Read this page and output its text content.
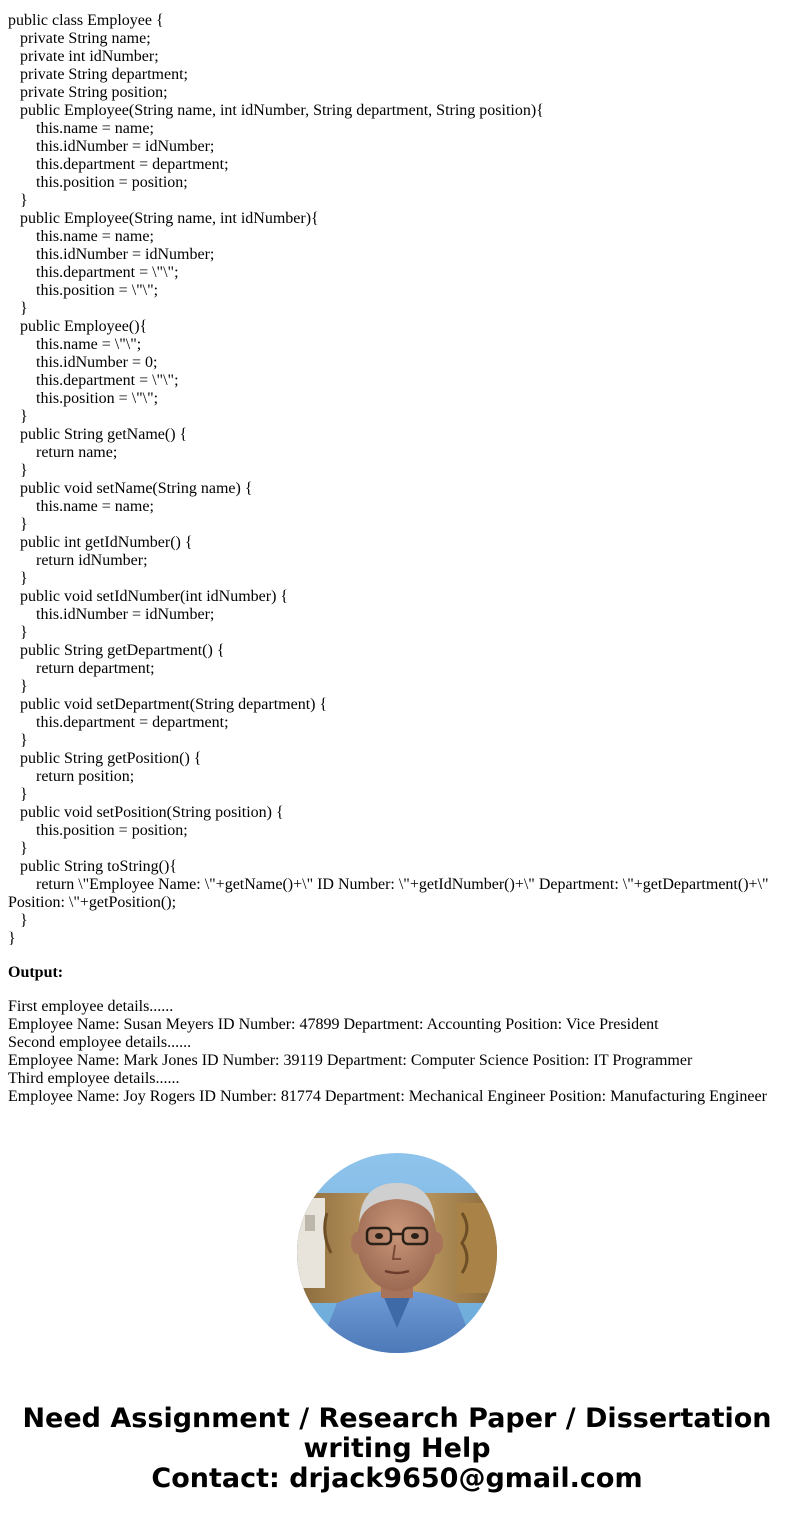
public class Employee {
private String name;
private int idNumber;
private String department;
private String position;
public Employee(String name, int idNumber, String department, String position){
this.name = name;
this.idNumber = idNumber;
this.department = department;
this.position = position;
}
public Employee(String name, int idNumber){
this.name = name;
this.idNumber = idNumber;
this.department = \"\";
this.position = \"\";
}
public Employee(){
this.name = \"\";
this.idNumber = 0;
this.department = \"\";
this.position = \"\";
}
public String getName() {
return name;
}
public void setName(String name) {
this.name = name;
}
public int getIdNumber() {
return idNumber;
}
public void setIdNumber(int idNumber) {
this.idNumber = idNumber;
}
public String getDepartment() {
return department;
}
public void setDepartment(String department) {
this.department = department;
}
public String getPosition() {
return position;
}
public void setPosition(String position) {
this.position = position;
}
public String toString(){
return \"Employee Name: \"+getName()+\" ID Number: \"+getIdNumber()+\" Department: \"+getDepartment()+\" Position: \"+getPosition();
}
}
Output:
First employee details......
Employee Name: Susan Meyers ID Number: 47899 Department: Accounting Position: Vice President
Second employee details......
Employee Name: Mark Jones ID Number: 39119 Department: Computer Science Position: IT Programmer
Third employee details......
Employee Name: Joy Rogers ID Number: 81774 Department: Mechanical Engineer Position: Manufacturing Engineer
Need Assignment / Research Paper / Dissertation
writing Help
Contact: drjack9650@gmail.com
